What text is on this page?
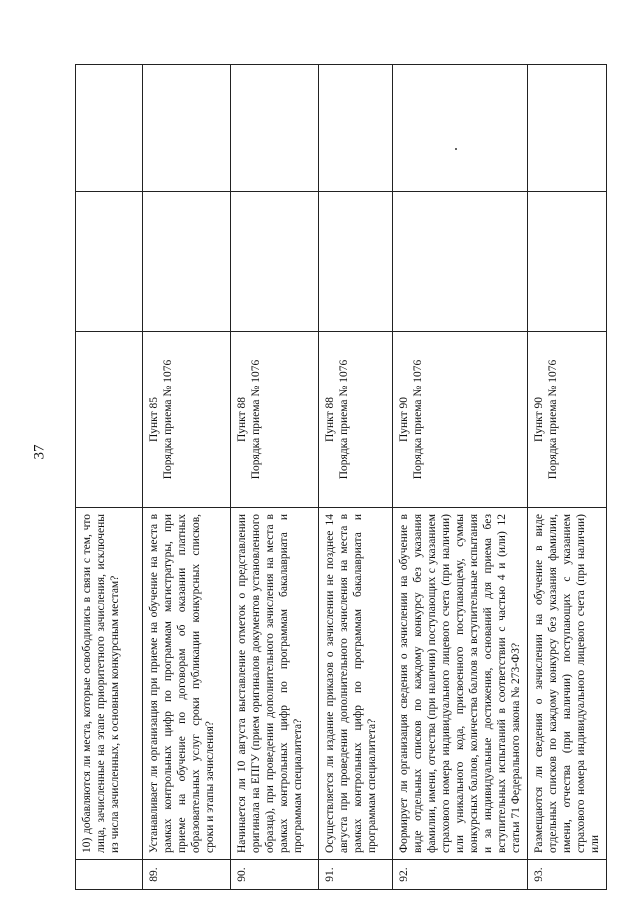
37
	10) добавляются ли места, которые освободились в связи с тем, что лица, зачисленные на этапе приоритетного зачисления, исключены из числа зачисленных, к основным конкурсным местам?	

89.	Устанавливает ли организация при приеме на обучение на места в рамках контрольных цифр по программам магистратуры, при приеме на обучение по договорам об оказании платных образовательных услуг сроки публикации конкурсных списков, сроки и этапы зачисления?	Пункт 85 Порядка приема № 1076		

90.	Начинается ли 10 августа выставление отметок о представлении оригинала на ЕПГУ (прием оригиналов документов установленного образца), при проведении дополнительного зачисления на места в рамках контрольных цифр по программам бакалавриата и программам специалитета?	Пункт 88 Порядка приема № 1076		

91.	Осуществляется ли издание приказов о зачислении не позднее 14 августа при проведении дополнительного зачисления на места в рамках контрольных цифр по программам бакалавриата и программам специалитета?	Пункт 88 Порядка приема № 1076		

92.	Формирует ли организация сведения о зачислении на обучение в виде отдельных списков по каждому конкурсу без указания фамилии, имени, отчества (при наличии) поступающих с указанием страхового номера индивидуального лицевого счета (при наличии) или уникального кода, присвоенного поступающему, суммы конкурсных баллов, количества баллов за вступительные испытания и за индивидуальные достижения, оснований для приема без вступительных испытаний в соответствии с частью 4 и (или) 12 статьи 71 Федерального закона № 273-ФЗ?	Пункт 90 Порядка приема № 1076		

93.	Размещаются ли сведения о зачислении на обучение в виде отдельных списков по каждому конкурсу без указания фамилии, имени, отчества (при наличии) поступающих с указанием страхового номера индивидуального лицевого счета (при наличии) или	Пункт 90 Порядка приема № 1076		
